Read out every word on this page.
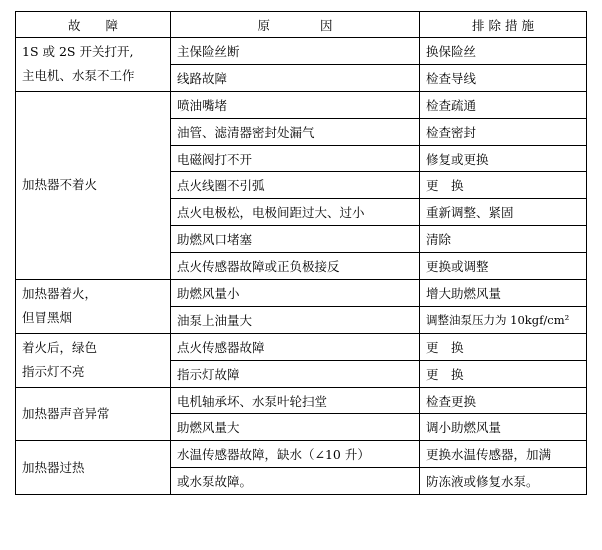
故　　障	原　　　　因	排 除 措 施

1S 或 2S 开关打开,
主电机、水泵不工作	主保险丝断	换保险丝
	线路故障	检查导线

加热器不着火	喷油嘴堵	检查疏通
	油管、滤清器密封处漏气	检查密封
	电磁阀打不开	修复或更换
	点火线圈不引弧	更　换
	点火电极松，电极间距过大、过小	重新调整、紧固
	助燃风口堵塞	清除
	点火传感器故障或正负极接反	更换或调整

加热器着火，
但冒黑烟	助燃风量小	增大助燃风量
	油泵上油量大	调整油泵压力为 10kgf/cm²

着火后，绿色
指示灯不亮	点火传感器故障	更　换
	指示灯故障	更　换

加热器声音异常	电机轴承坏、水泵叶轮扫堂	检查更换
	助燃风量大	调小助燃风量

加热器过热	水温传感器故障，缺水（∠10 升）	更换水温传感器，加满
	或水泵故障。	防冻液或修复水泵。
